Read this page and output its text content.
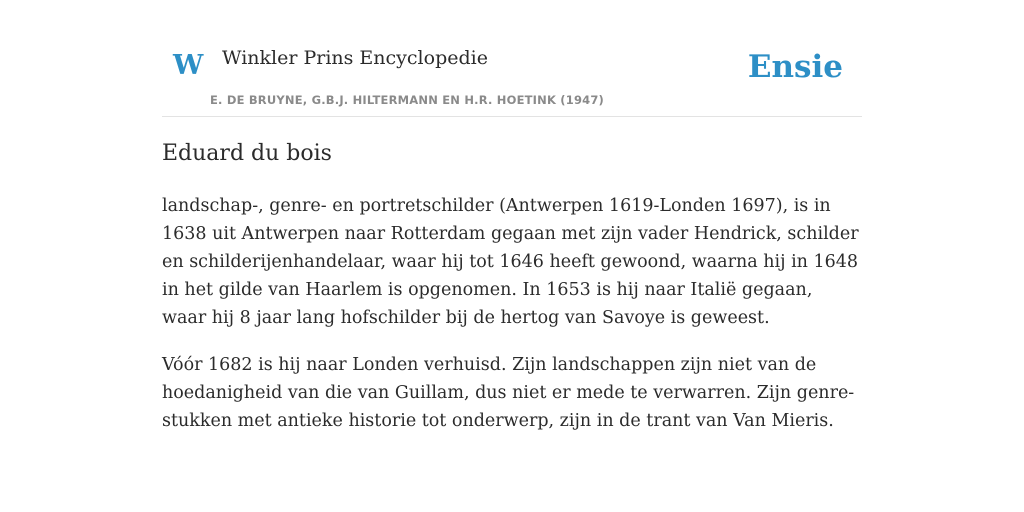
W Winkler Prins Encyclopedie
E. DE BRUYNE, G.B.J. HILTERMANN EN H.R. HOETINK (1947)
Ensie
Eduard du bois

landschap-, genre- en portretschilder (Antwerpen 1619-Londen 1697), is in 1638 uit Antwerpen naar Rotterdam gegaan met zijn vader Hendrick, schilder en schilderijenhandelaar, waar hij tot 1646 heeft gewoond, waarna hij in 1648 in het gilde van Haarlem is opgenomen. In 1653 is hij naar Italië gegaan, waar hij 8 jaar lang hofschilder bij de hertog van Savoye is geweest.

Vóór 1682 is hij naar Londen verhuisd. Zijn landschappen zijn niet van de hoedanigheid van die van Guillam, dus niet er mede te verwarren. Zijn genre-stukken met antieke historie tot onderwerp, zijn in de trant van Van Mieris.
